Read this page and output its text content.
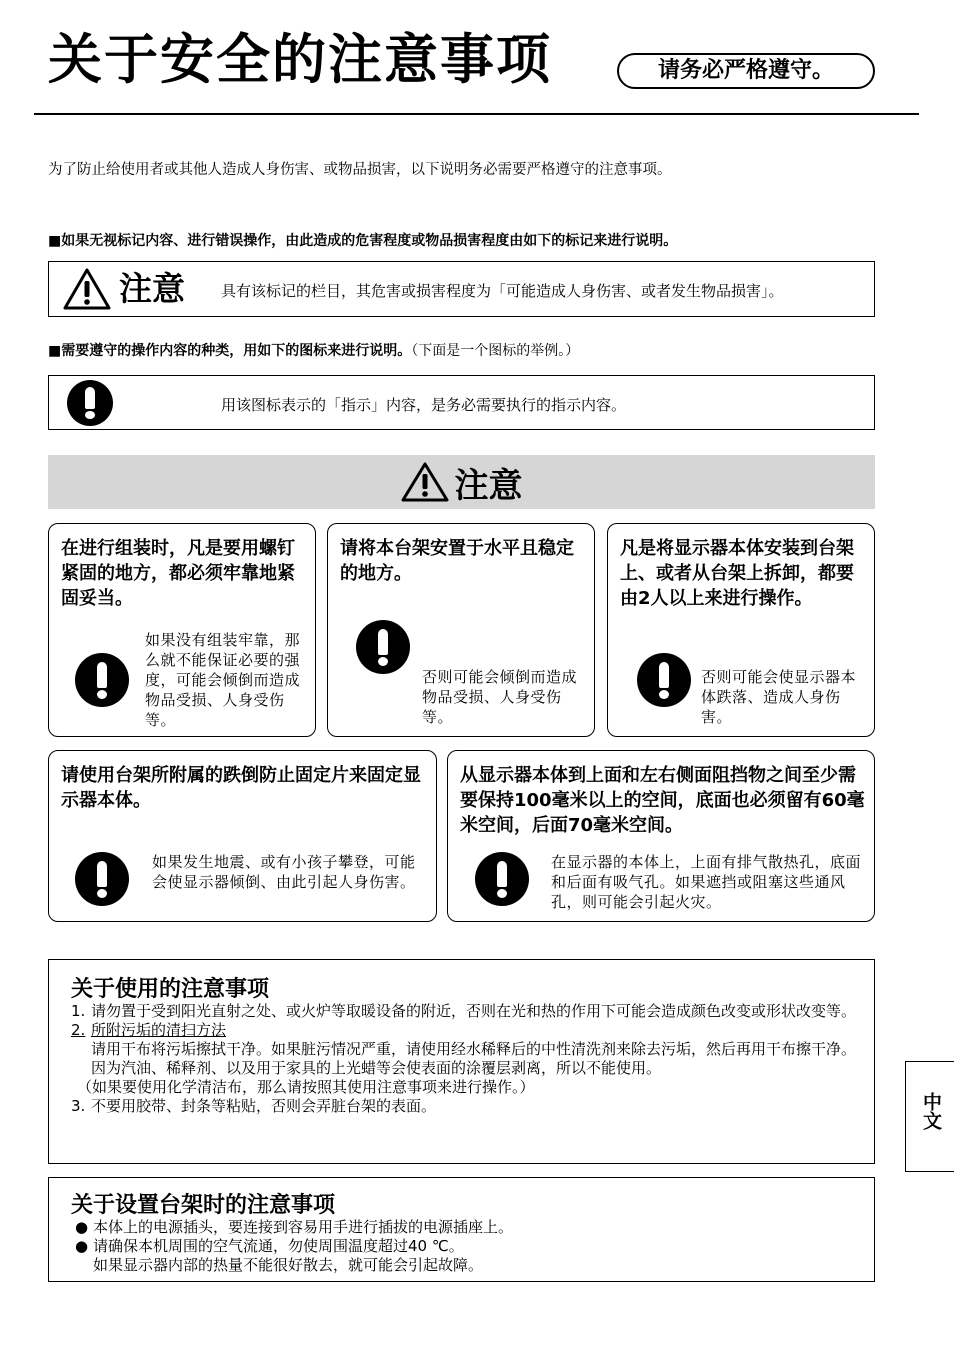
关于安全的注意事项	请务必严格遵守。
为了防止给使用者或其他人造成人身伤害、或物品损害，以下说明务必需要严格遵守的注意事项。
■如果无视标记内容、进行错误操作，由此造成的危害程度或物品损害程度由如下的标记来进行说明。
注意 具有该标记的栏目，其危害或损害程度为「可能造成人身伤害、或者发生物品损害」。
■需要遵守的操作内容的种类，用如下的图标来进行说明。（下面是一个图标的举例。）
用该图标表示的「指示」内容，是务必需要执行的指示内容。
注意
在进行组装时，凡是要用螺钉紧固的地方，都必须牢靠地紧固妥当。
如果没有组装牢靠，那么就不能保证必要的强度，可能会倾倒而造成物品受损、人身受伤等。
请将本台架安置于水平且稳定的地方。
否则可能会倾倒而造成物品受损、人身受伤等。
凡是将显示器本体安装到台架上、或者从台架上拆卸，都要由2人以上来进行操作。
否则可能会使显示器本体跌落、造成人身伤害。
请使用台架所附属的跌倒防止固定片来固定显示器本体。
如果发生地震、或有小孩子攀登，可能会使显示器倾倒、由此引起人身伤害。
从显示器本体到上面和左右侧面阻挡物之间至少需要保持100毫米以上的空间，底面也必须留有60毫米空间，后面70毫米空间。
在显示器的本体上，上面有排气散热孔，底面和后面有吸气孔。如果遮挡或阻塞这些通风孔，则可能会引起火灾。
关于使用的注意事项
1. 请勿置于受到阳光直射之处、或火炉等取暖设备的附近，否则在光和热的作用下可能会造成颜色改变或形状改变等。
2. 所附污垢的清扫方法
请用干布将污垢擦拭干净。如果脏污情况严重，请使用经水稀释后的中性清洗剂来除去污垢，然后再用干布擦干净。
因为汽油、稀释剂、以及用于家具的上光蜡等会使表面的涂覆层剥离，所以不能使用。
（如果要使用化学清洁布，那么请按照其使用注意事项来进行操作。）
3. 不要用胶带、封条等粘贴，否则会弄脏台架的表面。	中文
关于设置台架时的注意事项
● 本体上的电源插头，要连接到容易用手进行插拔的电源插座上。
● 请确保本机周围的空气流通，勿使周围温度超过40 ℃。
如果显示器内部的热量不能很好散去，就可能会引起故障。
